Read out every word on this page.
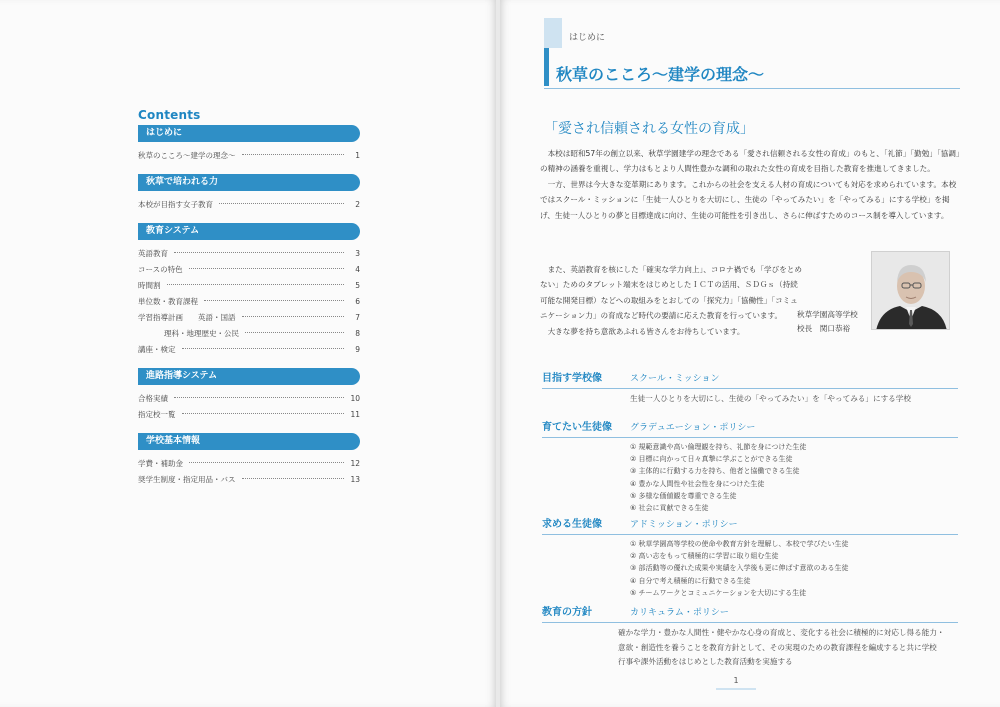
Contents
はじめに
秋草のこころ〜建学の理念〜	1
秋草で培われる力
本校が目指す女子教育	2
教育システム
英語教育	3
コースの特色	4
時間割	5
単位数・教育課程	6
学習指導計画　　英語・国語	7
理科・地理歴史・公民	8
講座・検定	9
進路指導システム
合格実績	10
指定校一覧	11
学校基本情報
学費・補助金	12
奨学生制度・指定用品・バス	13
はじめに
秋草のこころ〜建学の理念〜
「愛され信頼される女性の育成」

本校は昭和57年の創立以来、秋草学園建学の理念である「愛され信頼される女性の育成」のもと、「礼節」「勤勉」「協調」の精神の涵養を重視し、学力はもとより人間性豊かな調和の取れた女性の育成を目指した教育を推進してきました。

一方、世界は今大きな変革期にあります。これからの社会を支える人材の育成についても対応を求められています。本校ではスクール・ミッションに「生徒一人ひとりを大切にし、生徒の「やってみたい」を「やってみる」にする学校」を掲げ、生徒一人ひとりの夢と目標達成に向け、生徒の可能性を引き出し、さらに伸ばすためのコース制を導入しています。

また、英語教育を核にした「確実な学力向上」、コロナ禍でも「学びをとめない」ためのタブレット端末をはじめとしたＩＣＴの活用、ＳＤＧｓ（持続可能な開発目標）などへの取組みをとおしての「探究力」「協働性」「コミュニケーション力」の育成など時代の要請に応えた教育を行っています。

大きな夢を持ち意欲あふれる皆さんをお待ちしています。

秋草学園高等学校
校長　関口恭裕
目指す学校像	スクール・ミッション
生徒一人ひとりを大切にし、生徒の「やってみたい」を「やってみる」にする学校
育てたい生徒像	グラデュエーション・ポリシー
① 規範意識や高い倫理観を持ち、礼節を身につけた生徒
② 目標に向かって日々真摯に学ぶことができる生徒
③ 主体的に行動する力を持ち、他者と協働できる生徒
④ 豊かな人間性や社会性を身につけた生徒
⑤ 多様な価値観を尊重できる生徒
⑥ 社会に貢献できる生徒
求める生徒像	アドミッション・ポリシー
① 秋草学園高等学校の使命や教育方針を理解し、本校で学びたい生徒
② 高い志をもって積極的に学習に取り組む生徒
③ 部活動等の優れた成果や実績を入学後も更に伸ばす意欲のある生徒
④ 自分で考え積極的に行動できる生徒
⑤ チームワークとコミュニケーションを大切にする生徒
教育の方針	カリキュラム・ポリシー
確かな学力・豊かな人間性・健やかな心身の育成と、変化する社会に積極的に対応し得る能力・
意欲・創造性を養うことを教育方針として、その実現のための教育課程を編成すると共に学校
行事や課外活動をはじめとした教育活動を実施する
1
